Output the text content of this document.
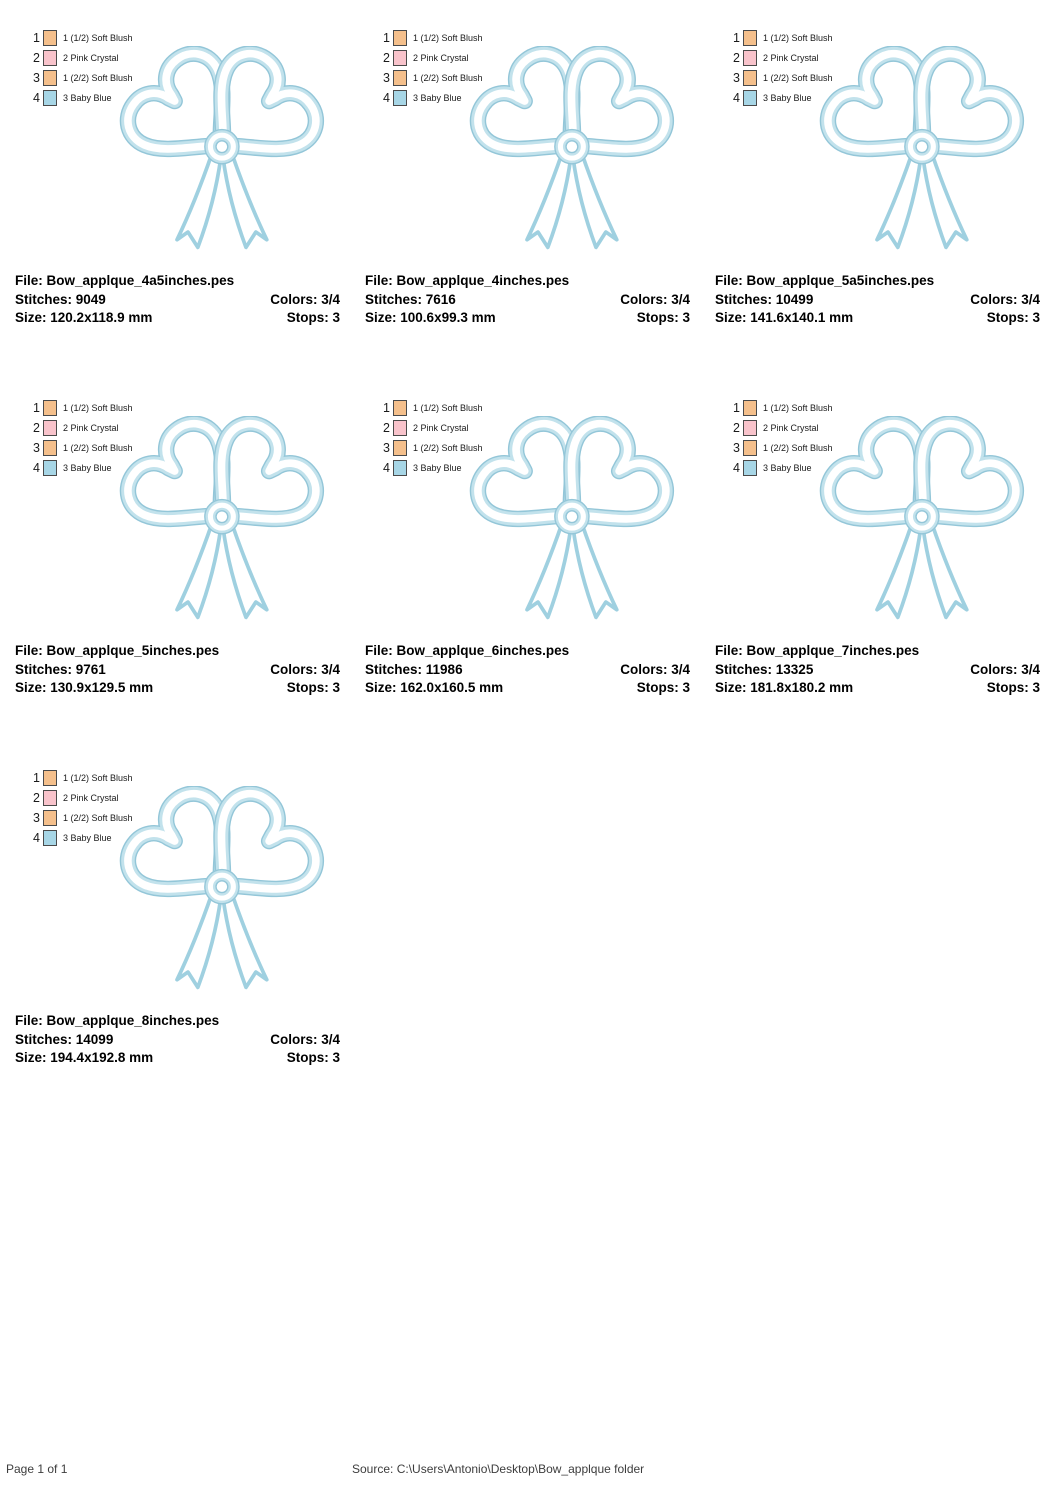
1	1 (1/2) Soft Blush
2	2 Pink Crystal
3	1 (2/2) Soft Blush
4	3 Baby Blue
File: Bow_applque_4a5inches.pes
Stitches: 9049	Colors: 3/4
Size: 120.2x118.9 mm	Stops: 3
1	1 (1/2) Soft Blush
2	2 Pink Crystal
3	1 (2/2) Soft Blush
4	3 Baby Blue
File: Bow_applque_4inches.pes
Stitches: 7616	Colors: 3/4
Size: 100.6x99.3 mm	Stops: 3
1	1 (1/2) Soft Blush
2	2 Pink Crystal
3	1 (2/2) Soft Blush
4	3 Baby Blue
File: Bow_applque_5a5inches.pes
Stitches: 10499	Colors: 3/4
Size: 141.6x140.1 mm	Stops: 3
1	1 (1/2) Soft Blush
2	2 Pink Crystal
3	1 (2/2) Soft Blush
4	3 Baby Blue
File: Bow_applque_5inches.pes
Stitches: 9761	Colors: 3/4
Size: 130.9x129.5 mm	Stops: 3
1	1 (1/2) Soft Blush
2	2 Pink Crystal
3	1 (2/2) Soft Blush
4	3 Baby Blue
File: Bow_applque_6inches.pes
Stitches: 11986	Colors: 3/4
Size: 162.0x160.5 mm	Stops: 3
1	1 (1/2) Soft Blush
2	2 Pink Crystal
3	1 (2/2) Soft Blush
4	3 Baby Blue
File: Bow_applque_7inches.pes
Stitches: 13325	Colors: 3/4
Size: 181.8x180.2 mm	Stops: 3
1	1 (1/2) Soft Blush
2	2 Pink Crystal
3	1 (2/2) Soft Blush
4	3 Baby Blue
File: Bow_applque_8inches.pes
Stitches: 14099	Colors: 3/4
Size: 194.4x192.8 mm	Stops: 3
Page 1 of 1	Source: C:\Users\Antonio\Desktop\Bow_applque folder
